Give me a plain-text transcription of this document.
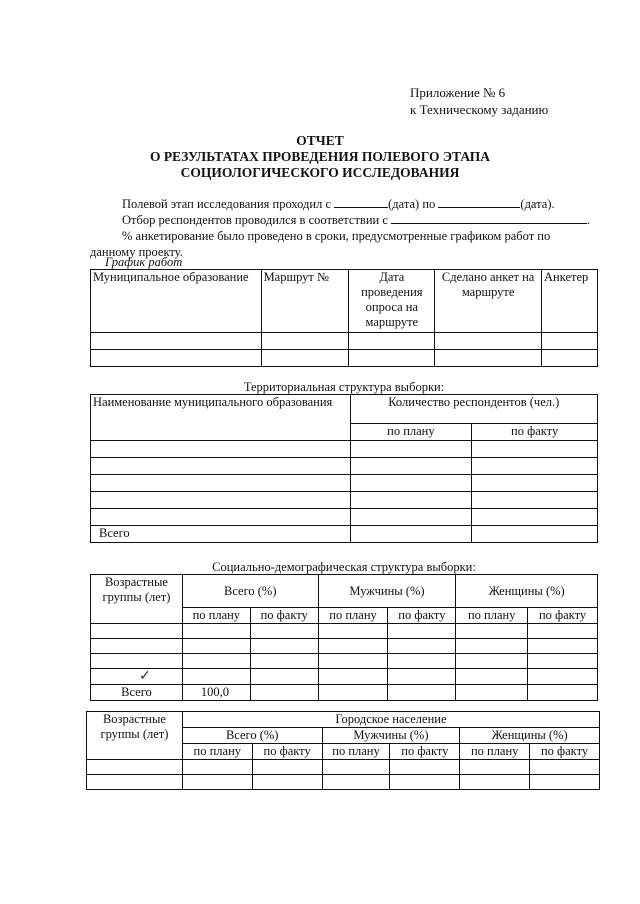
Приложение № 6
к Техническому заданию
ОТЧЕТ
О РЕЗУЛЬТАТАХ ПРОВЕДЕНИЯ ПОЛЕВОГО ЭТАПА
СОЦИОЛОГИЧЕСКОГО ИССЛЕДОВАНИЯ
Полевой этап исследования проходил с	(дата) по	(дата).
Отбор респондентов проводился в соответствии с	.
% анкетирование было проведено в сроки, предусмотренные графиком работ по
данному проекту.
График работ
Муниципальное образование	Маршрут №	Дата проведения опроса на маршруте	Сделано анкет на маршруте	Анкетер

Территориальная структура выборки:
Наименование муниципального образования	Количество респондентов (чел.)	
	по плану	по факту

Всего		
Социально-демографическая структура выборки:
Возрастные группы (лет)	Всего (%)		Мужчины (%)		Женщины (%)	
	по плану	по факту	по плану	по факту	по плану	по факту

✓						
Всего	100,0					
Возрастные группы (лет)	Городское население					
	Всего (%)		Мужчины (%)		Женщины (%)	
	по плану	по факту	по плану	по факту	по плану	по факту
